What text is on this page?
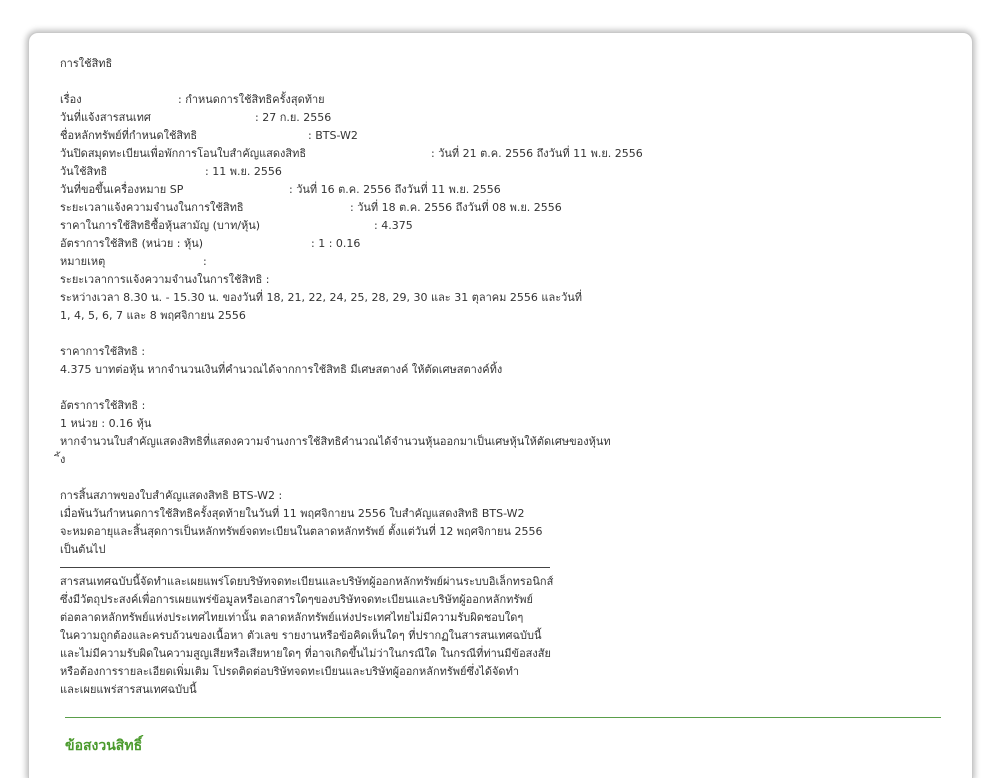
การใช้สิทธิ
เรื่อง	: กำหนดการใช้สิทธิครั้งสุดท้าย
วันที่แจ้งสารสนเทศ	: 27 ก.ย. 2556
ชื่อหลักทรัพย์ที่กำหนดใช้สิทธิ	: BTS-W2
วันปิดสมุดทะเบียนเพื่อพักการโอนใบสำคัญแสดงสิทธิ	: วันที่ 21 ต.ค. 2556 ถึงวันที่ 11 พ.ย. 2556
วันใช้สิทธิ	: 11 พ.ย. 2556
วันที่ขอขึ้นเครื่องหมาย SP	: วันที่ 16 ต.ค. 2556 ถึงวันที่ 11 พ.ย. 2556
ระยะเวลาแจ้งความจำนงในการใช้สิทธิ	: วันที่ 18 ต.ค. 2556 ถึงวันที่ 08 พ.ย. 2556
ราคาในการใช้สิทธิซื้อหุ้นสามัญ (บาท/หุ้น)	: 4.375
อัตราการใช้สิทธิ (หน่วย : หุ้น)	: 1 : 0.16
หมายเหตุ	:
ระยะเวลาการแจ้งความจำนงในการใช้สิทธิ :
ระหว่างเวลา 8.30 น. - 15.30 น. ของวันที่ 18, 21, 22, 24, 25, 28, 29, 30 และ 31 ตุลาคม 2556 และวันที่
1, 4, 5, 6, 7 และ 8 พฤศจิกายน 2556
ราคาการใช้สิทธิ :
4.375 บาทต่อหุ้น หากจำนวนเงินที่คำนวณได้จากการใช้สิทธิ มีเศษสตางค์ ให้ตัดเศษสตางค์ทิ้ง
อัตราการใช้สิทธิ :
1 หน่วย : 0.16 หุ้น
หากจำนวนใบสำคัญแสดงสิทธิที่แสดงความจำนงการใช้สิทธิคำนวณได้จำนวนหุ้นออกมาเป็นเศษหุ้นให้ตัดเศษของหุ้นท
ิ้ง
การสิ้นสภาพของใบสำคัญแสดงสิทธิ BTS-W2 :
เมื่อพ้นวันกำหนดการใช้สิทธิครั้งสุดท้ายในวันที่ 11 พฤศจิกายน 2556 ใบสำคัญแสดงสิทธิ BTS-W2
จะหมดอายุและสิ้นสุดการเป็นหลักทรัพย์จดทะเบียนในตลาดหลักทรัพย์ ตั้งแต่วันที่ 12 พฤศจิกายน 2556
เป็นต้นไป
สารสนเทศฉบับนี้จัดทำและเผยแพร่โดยบริษัทจดทะเบียนและบริษัทผู้ออกหลักทรัพย์ผ่านระบบอิเล็กทรอนิกส์
ซึ่งมีวัตถุประสงค์เพื่อการเผยแพร่ข้อมูลหรือเอกสารใดๆของบริษัทจดทะเบียนและบริษัทผู้ออกหลักทรัพย์
ต่อตลาดหลักทรัพย์แห่งประเทศไทยเท่านั้น ตลาดหลักทรัพย์แห่งประเทศไทยไม่มีความรับผิดชอบใดๆ
ในความถูกต้องและครบถ้วนของเนื้อหา ตัวเลข รายงานหรือข้อคิดเห็นใดๆ ที่ปรากฏในสารสนเทศฉบับนี้
และไม่มีความรับผิดในความสูญเสียหรือเสียหายใดๆ ที่อาจเกิดขึ้นไม่ว่าในกรณีใด ในกรณีที่ท่านมีข้อสงสัย
หรือต้องการรายละเอียดเพิ่มเติม โปรดติดต่อบริษัทจดทะเบียนและบริษัทผู้ออกหลักทรัพย์ซึ่งได้จัดทำ
และเผยแพร่สารสนเทศฉบับนี้
ข้อสงวนสิทธิ์
